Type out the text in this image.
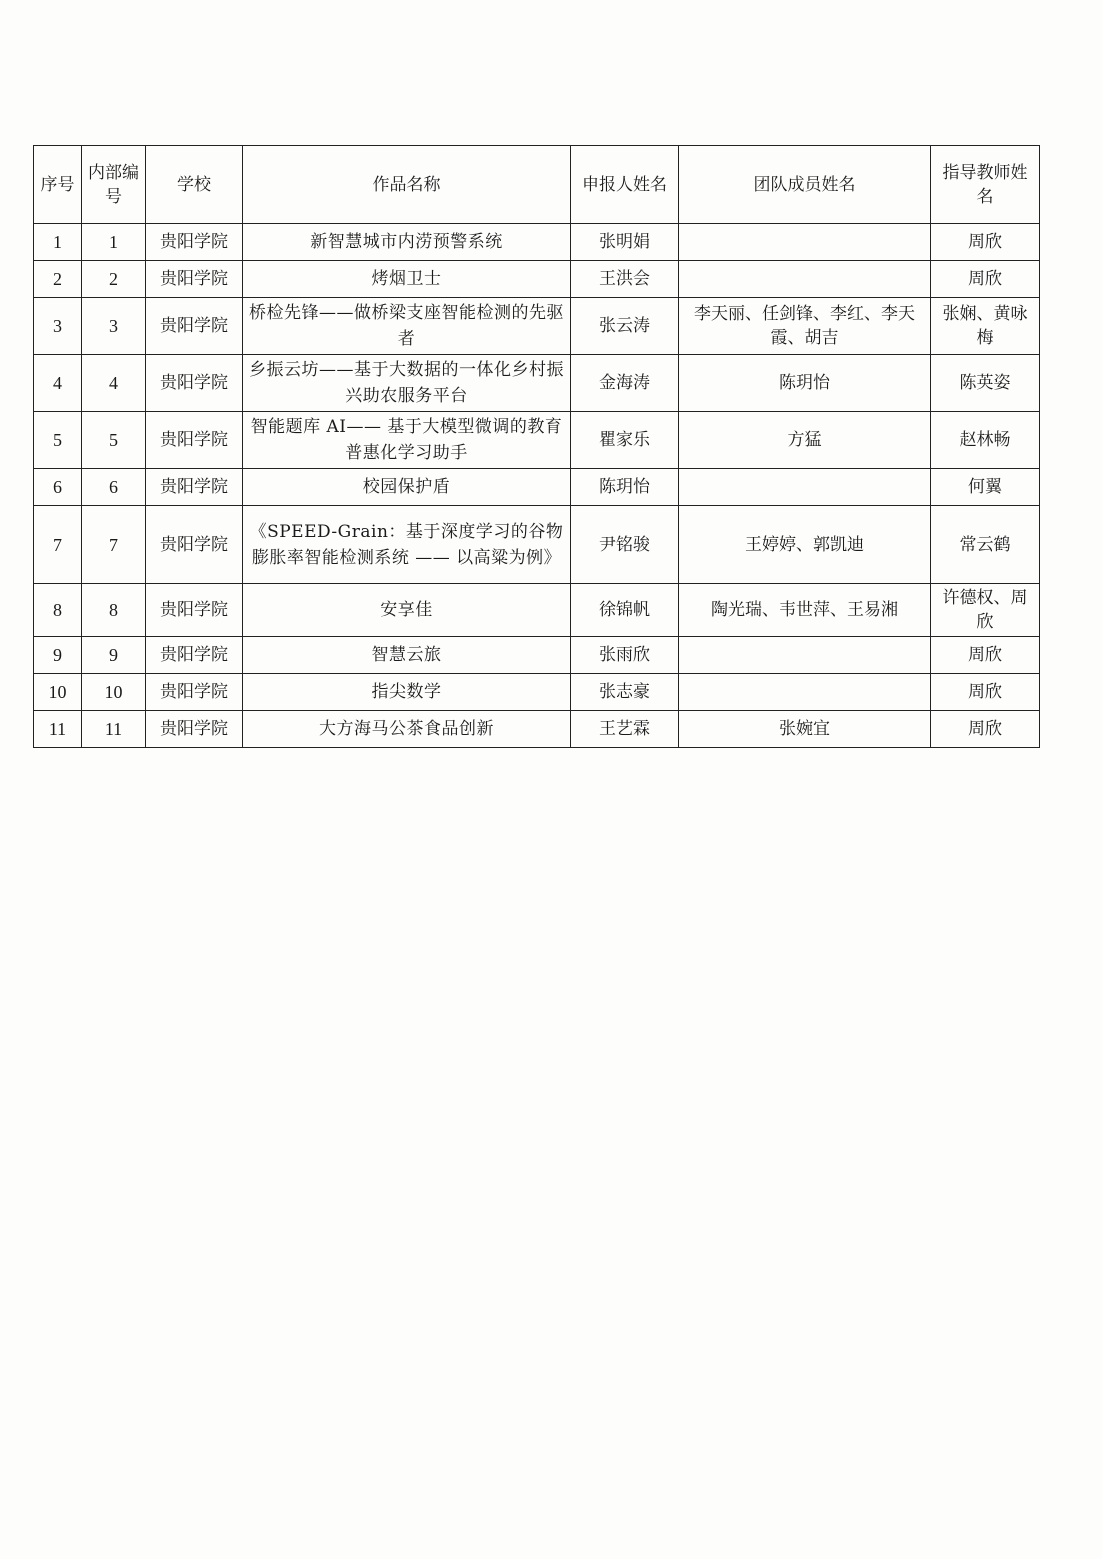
序号	内部编号	学校	作品名称	申报人姓名	团队成员姓名	指导教师姓名
1	1	贵阳学院	新智慧城市内涝预警系统	张明娟		周欣
2	2	贵阳学院	烤烟卫士	王洪会		周欣
3	3	贵阳学院	桥检先锋——做桥梁支座智能检测的先驱者	张云涛	李天丽、任剑锋、李红、李天霞、胡吉	张娴、黄咏梅
4	4	贵阳学院	乡振云坊——基于大数据的一体化乡村振兴助农服务平台	金海涛	陈玥怡	陈英姿
5	5	贵阳学院	智能题库 AI—— 基于大模型微调的教育普惠化学习助手	瞿家乐	方猛	赵林畅
6	6	贵阳学院	校园保护盾	陈玥怡		何翼
7	7	贵阳学院	《SPEED-Grain：基于深度学习的谷物膨胀率智能检测系统 —— 以高粱为例》	尹铭骏	王婷婷、郭凯迪	常云鹤
8	8	贵阳学院	安享佳	徐锦帆	陶光瑞、韦世萍、王易湘	许德权、周欣
9	9	贵阳学院	智慧云旅	张雨欣		周欣
10	10	贵阳学院	指尖数学	张志豪		周欣
11	11	贵阳学院	大方海马公茶食品创新	王艺霖	张婉宜	周欣
